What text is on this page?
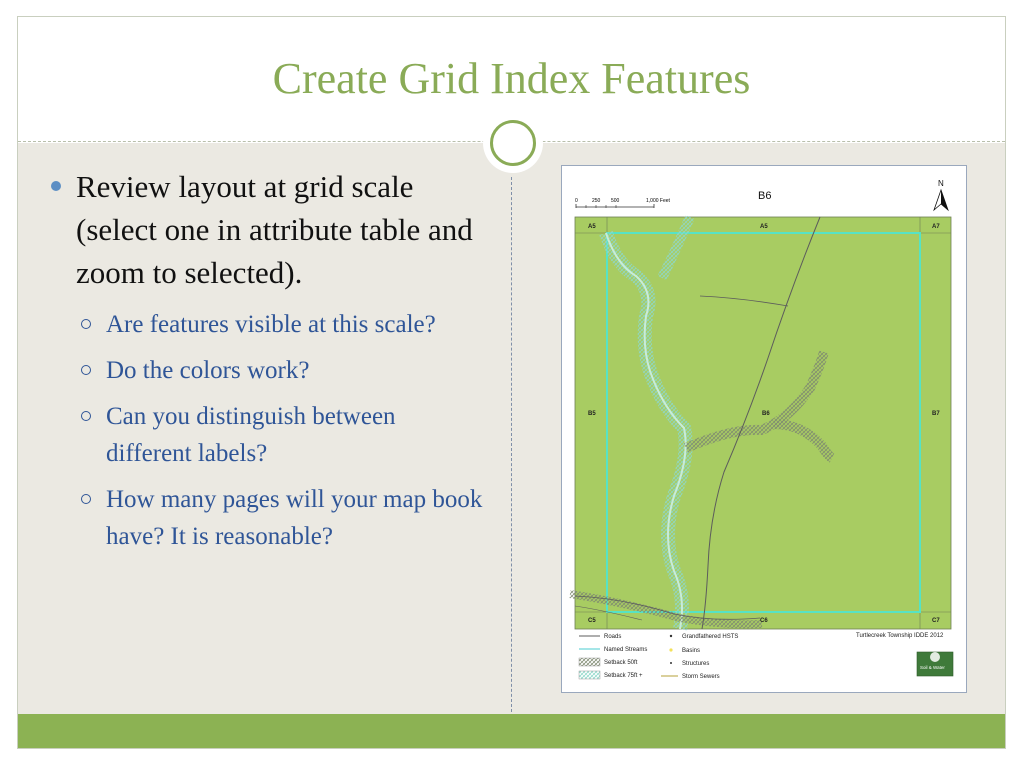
Create Grid Index Features
Review layout at grid scale (select one in attribute table and zoom to selected).
Are features visible at this scale?
Do the colors work?
Can you distinguish between different labels?
How many pages will your map book have? It is reasonable?
0	250 500	1,000 Feet	B6
N
A5	A5	A7
B5	B6	B7
C5	C6	C7
Roads
Named Streams
Setback 50ft
Setback 75ft +
Grandfathered HSTS
Basins
Structures
Storm Sewers
Turtlecreek Township IDDE 2012
Soil & Water
